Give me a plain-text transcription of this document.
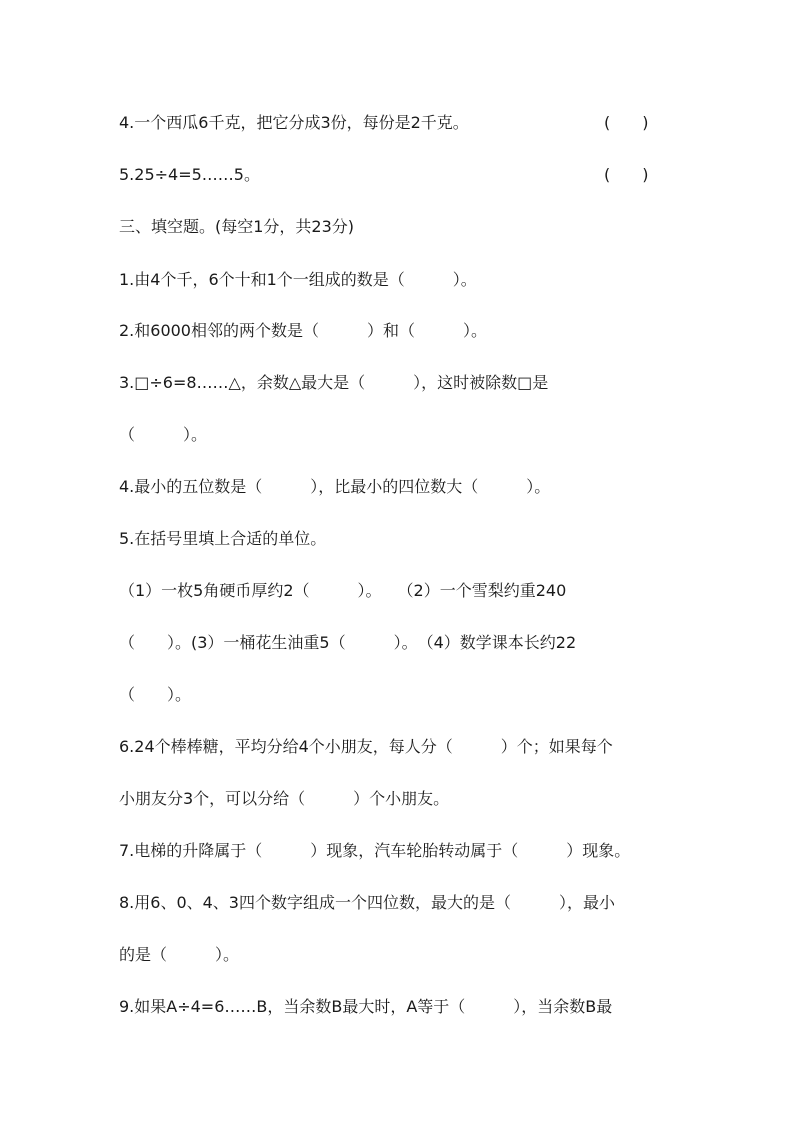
4.一个西瓜6千克，把它分成3份，每份是2千克。	(　　)

5.25÷4=5……5。	(　　)

三、填空题。(每空1分，共23分)

1.由4个千，6个十和1个一组成的数是（　　　）。

2.和6000相邻的两个数是（　　　）和（　　　）。

3.□÷6=8……△，余数△最大是（　　　），这时被除数□是

（　　　）。

4.最小的五位数是（　　　），比最小的四位数大（　　　）。

5.在括号里填上合适的单位。

（1）一枚5角硬币厚约2（　　　）。　　（2）一个雪梨约重240

（　　）。(3）一桶花生油重5（　　　）。　（4）数学课本长约22

（　　）。

6.24个棒棒糖，平均分给4个小朋友，每人分（　　　）个；如果每个

小朋友分3个，可以分给（　　　）个小朋友。

7.电梯的升降属于（　　　）现象，汽车轮胎转动属于（　　　）现象。

8.用6、0、4、3四个数字组成一个四位数，最大的是（　　　），最小

的是（　　　）。

9.如果A÷4=6……B，当余数B最大时，A等于（　　　），当余数B最
